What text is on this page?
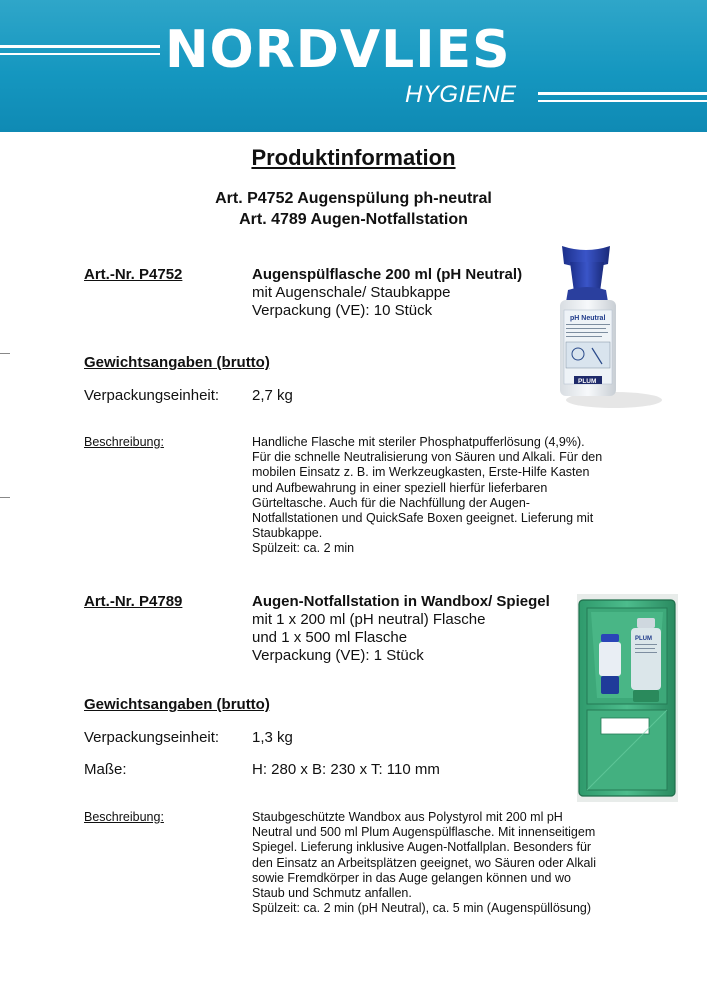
NORDVLIES
HYGIENE
Produktinformation
Art. P4752 Augenspülung ph-neutral
Art. 4789 Augen-Notfallstation
Art.-Nr. P4752	Augenspülflasche 200 ml (pH Neutral)
mit Augenschale/ Staubkappe
Verpackung (VE): 10 Stück
Gewichtsangaben (brutto)
Verpackungseinheit: 2,7 kg
Beschreibung:	Handliche Flasche mit steriler Phosphatpufferlösung (4,9%).
Für die schnelle Neutralisierung von Säuren und Alkali. Für den
mobilen Einsatz z. B. im Werkzeugkasten, Erste-Hilfe Kasten
und Aufbewahrung in einer speziell hierfür lieferbaren
Gürteltasche. Auch für die Nachfüllung der Augen-
Notfallstationen und QuickSafe Boxen geeignet. Lieferung mit
Staubkappe.
Spülzeit: ca. 2 min
pH Neutral
PLUM
Art.-Nr. P4789	Augen-Notfallstation in Wandbox/ Spiegel
mit 1 x 200 ml (pH neutral) Flasche
und 1 x 500 ml Flasche
Verpackung (VE): 1 Stück
Gewichtsangaben (brutto)
Verpackungseinheit: 1,3 kg
Maße:	H: 280 x B: 230 x T: 110 mm
Beschreibung:	Staubgeschützte Wandbox aus Polystyrol mit 200 ml pH
Neutral und 500 ml Plum Augenspülflasche. Mit innenseitigem
Spiegel. Lieferung inklusive Augen-Notfallplan. Besonders für
den Einsatz an Arbeitsplätzen geeignet, wo Säuren oder Alkali
sowie Fremdkörper in das Auge gelangen können und wo
Staub und Schmutz anfallen.
Spülzeit: ca. 2 min (pH Neutral), ca. 5 min (Augenspüllösung)
PLUM
